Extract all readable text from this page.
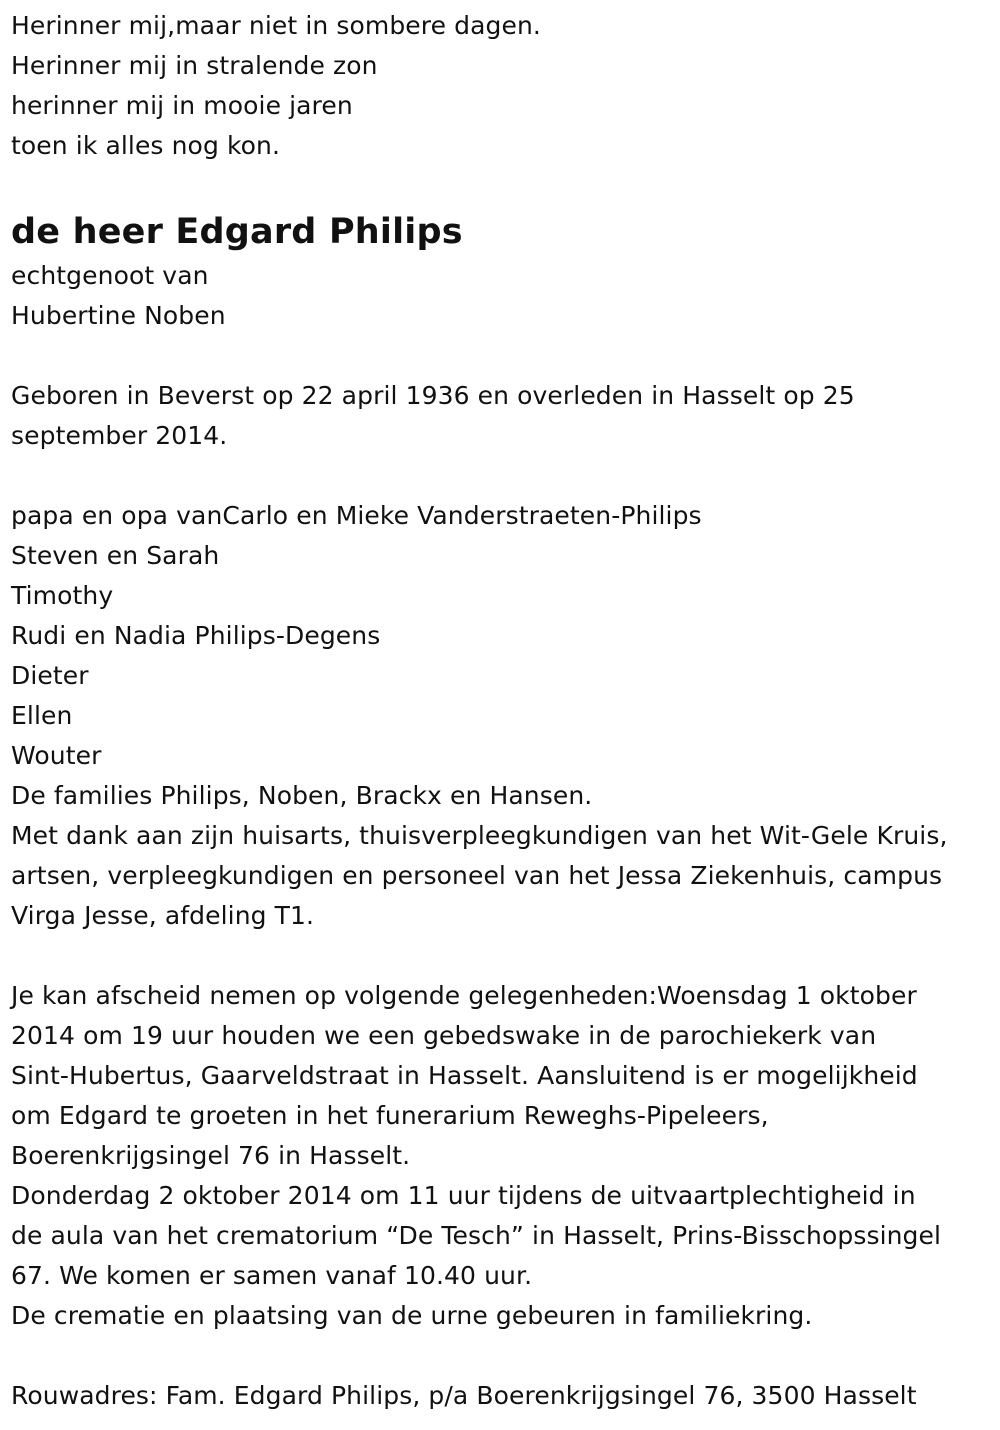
Herinner mij,maar niet in sombere dagen.
Herinner mij in stralende zon
herinner mij in mooie jaren
toen ik alles nog kon.
de heer Edgard Philips
echtgenoot van
Hubertine Noben
Geboren in Beverst op 22 april 1936 en overleden in Hasselt op 25
september 2014.
papa en opa vanCarlo en Mieke Vanderstraeten-Philips
Steven en Sarah
Timothy
Rudi en Nadia Philips-Degens
Dieter
Ellen
Wouter
De families Philips, Noben, Brackx en Hansen.
Met dank aan zijn huisarts, thuisverpleegkundigen van het Wit-Gele Kruis,
artsen, verpleegkundigen en personeel van het Jessa Ziekenhuis, campus
Virga Jesse, afdeling T1.
Je kan afscheid nemen op volgende gelegenheden:Woensdag 1 oktober
2014 om 19 uur houden we een gebedswake in de parochiekerk van
Sint-Hubertus, Gaarveldstraat in Hasselt. Aansluitend is er mogelijkheid
om Edgard te groeten in het funerarium Reweghs-Pipeleers,
Boerenkrijgsingel 76 in Hasselt.
Donderdag 2 oktober 2014 om 11 uur tijdens de uitvaartplechtigheid in
de aula van het crematorium “De Tesch” in Hasselt, Prins-Bisschopssingel
67. We komen er samen vanaf 10.40 uur.
De crematie en plaatsing van de urne gebeuren in familiekring.
Rouwadres: Fam. Edgard Philips, p/a Boerenkrijgsingel 76, 3500 Hasselt
